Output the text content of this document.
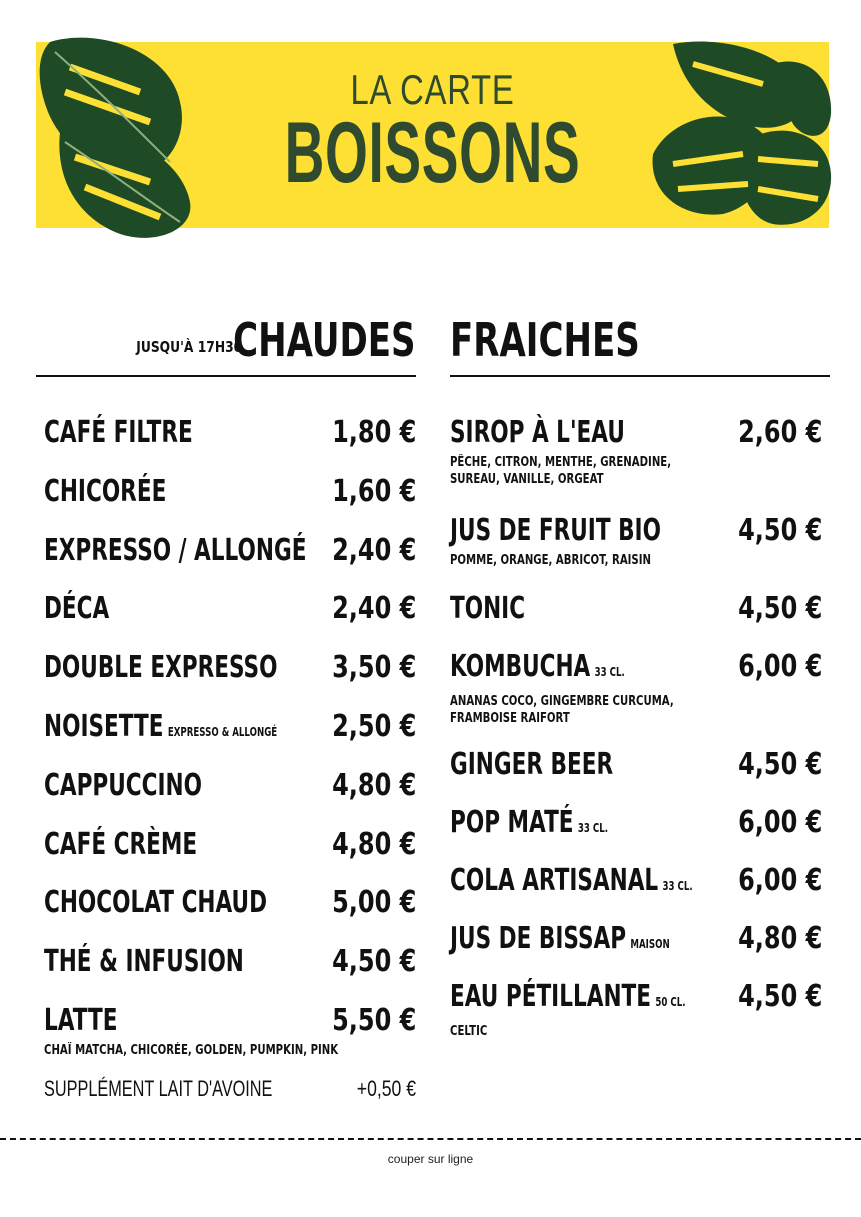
LA CARTE
BOISSONS
JUSQU'À 17H30
CHAUDES FRAICHES
CAFÉ FILTRE	1,80 €
CHICORÉE	1,60 €
EXPRESSO / ALLONGÉ 2,40 €
DÉCA	2,40 €
DOUBLE EXPRESSO 3,50 €
NOISETTE EXPRESSO & ALLONGÉ 2,50 €
CAPPUCCINO	4,80 €
CAFÉ CRÈME	4,80 €
CHOCOLAT CHAUD 5,00 €
THÉ & INFUSION	4,50 €
LATTE	5,50 €
CHAÏ MATCHA, CHICORÉE, GOLDEN, PUMPKIN, PINK
SUPPLÉMENT LAIT D'AVOINE	+0,50 €
SIROP À L'EAU	2,60 €
PÊCHE, CITRON, MENTHE, GRENADINE,
SUREAU, VANILLE, ORGEAT
JUS DE FRUIT BIO	4,50 €
POMME, ORANGE, ABRICOT, RAISIN
TONIC	4,50 €
KOMBUCHA 33 CL.	6,00 €
ANANAS COCO, GINGEMBRE CURCUMA,
FRAMBOISE RAIFORT
GINGER BEER	4,50 €
POP MATÉ 33 CL.	6,00 €
COLA ARTISANAL 33 CL. 6,00 €
JUS DE BISSAP MAISON 4,80 €
EAU PÉTILLANTE 50 CL. 4,50 €
CELTIC
couper sur ligne
